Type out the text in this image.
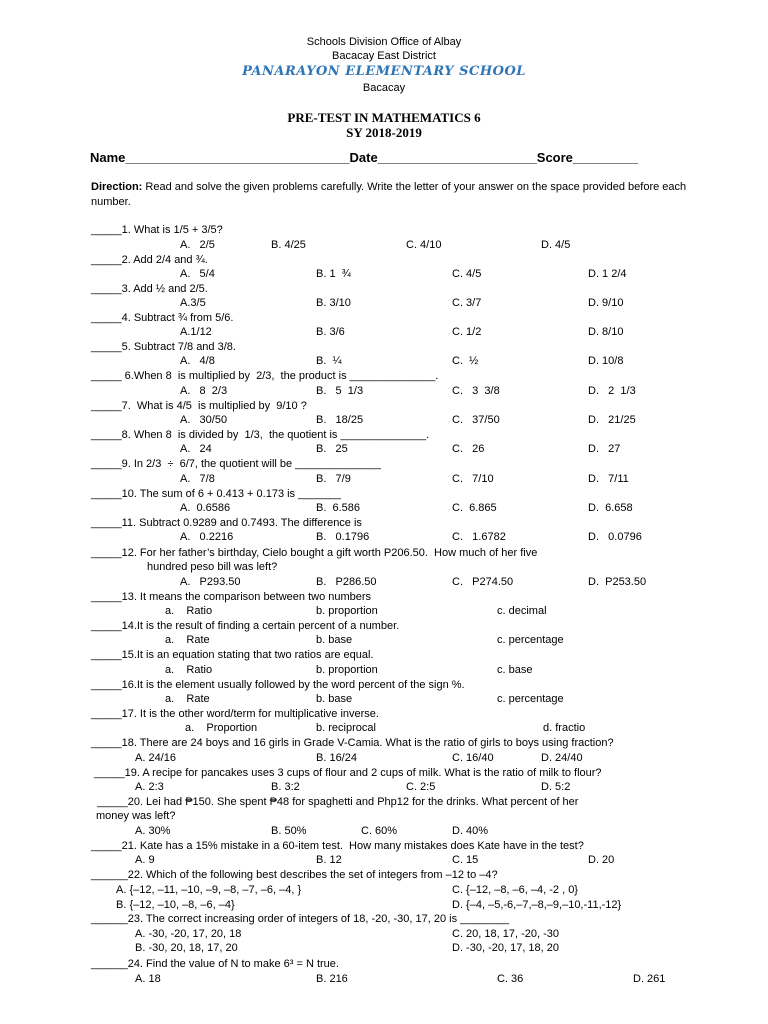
Schools Division Office of Albay
Bacacay East District
PANARAYON ELEMENTARY SCHOOL
Bacacay
PRE-TEST IN MATHEMATICS 6
SY 2018-2019
Name_______________________________Date______________________Score_________
Direction: Read and solve the given problems carefully. Write the letter of your answer on the space provided before each number.
_____1. What is 1/5 + 3/5?
A.   2/5	B. 4/25	C. 4/10	D. 4/5
_____2. Add 2/4 and ¾.
A.   5/4	B. 1  ¾	C. 4/5	D. 1 2/4
_____3. Add ½ and 2/5.
A.3/5	B. 3/10	C. 3/7	D. 9/10
_____4. Subtract ¾ from 5/6.
A.1/12	B. 3/6	C. 1/2	D. 8/10
_____5. Subtract 7/8 and 3/8.
A.   4/8	B.  ¼	C.  ½	D. 10/8
_____ 6.When 8  is multiplied by  2/3,  the product is ______________.
A.   8  2/3	B.   5  1/3	C.   3  3/8	D.   2  1/3
_____7.  What is 4/5  is multiplied by  9/10 ?
A.   30/50	B.   18/25	C.   37/50	D.   21/25
_____8. When 8  is divided by  1/3,  the quotient is ______________.
A.   24	B.   25	C.   26	D.   27
_____9. In 2/3  ÷  6/7, the quotient will be ______________
A.   7/8	B.   7/9	C.   7/10	D.   7/11
_____10. The sum of 6 + 0.413 + 0.173 is _______
A.  0.6586	B.  6.586	C.  6.865	D.  6.658
_____11. Subtract 0.9289 and 0.7493. The difference is
A.   0.2216	B.   0.1796	C.   1.6782	D.   0.0796
_____12. For her father’s birthday, Cielo bought a gift worth P206.50.  How much of her five
hundred peso bill was left?
A.   P293.50	B.   P286.50	C.   P274.50	D.  P253.50
_____13. It means the comparison between two numbers
a.    Ratio	b. proportion	c. decimal
_____14.It is the result of finding a certain percent of a number.
a.    Rate	b. base	c. percentage
_____15.It is an equation stating that two ratios are equal.
a.    Ratio	b. proportion	c. base
_____16.It is the element usually followed by the word percent of the sign %.
a.    Rate	b. base	c. percentage
_____17. It is the other word/term for multiplicative inverse.
a.    Proportion	b. reciprocal	d. fractio
_____18. There are 24 boys and 16 girls in Grade V-Camia. What is the ratio of girls to boys using fraction?
A. 24/16	B. 16/24	C. 16/40	D. 24/40
_____19. A recipe for pancakes uses 3 cups of flour and 2 cups of milk. What is the ratio of milk to flour?
A. 2:3	B. 3:2	C. 2:5	D. 5:2
_____20. Lei had ₱150. She spent ₱48 for spaghetti and Php12 for the drinks. What percent of her
money was left?
A. 30%	B. 50%	C. 60%	D. 40%
_____21. Kate has a 15% mistake in a 60-item test.  How many mistakes does Kate have in the test?
A. 9	B. 12	C. 15	D. 20
______22. Which of the following best describes the set of integers from –12 to –4?
A. {–12, –11, –10, –9, –8, –7, –6, –4, }	C. {–12, –8, –6, –4, -2 , 0}
B. {–12, –10, –8, –6, –4}	D. {–4, –5,-6,–7,–8,–9,–10,-11,-12}
______23. The correct increasing order of integers of 18, -20, -30, 17, 20 is ________
A. -30, -20, 17, 20, 18	C. 20, 18, 17, -20, -30
B. -30, 20, 18, 17, 20	D. -30, -20, 17, 18, 20
______24. Find the value of N to make 6³ = N true.
A. 18	B. 216	C. 36	D. 261
